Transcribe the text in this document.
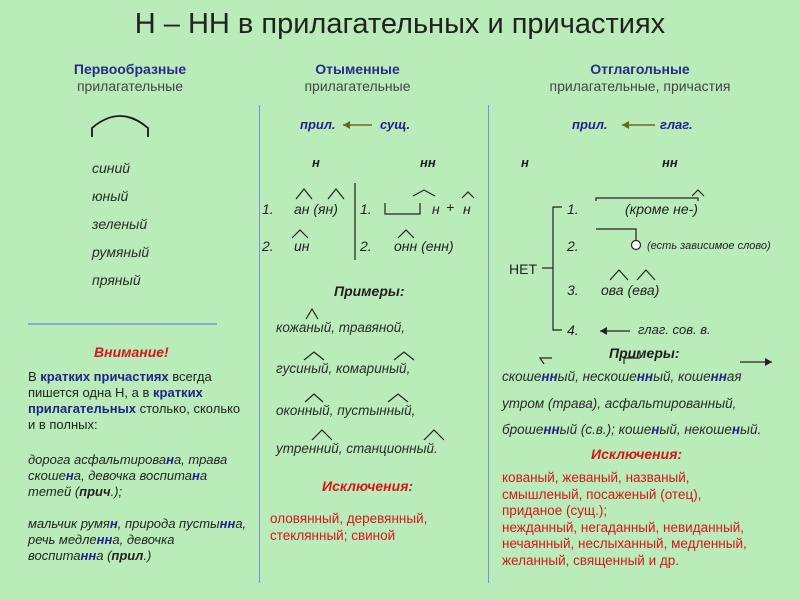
Н – НН в прилагательных и причастиях
Первообразные
прилагательные
Отыменные
прилагательные
Отглагольные
прилагательные, причастия
синий
юный
зеленый
румяный
пряный
Внимание!
В кратких причастиях всегда пишется одна Н, а в кратких прилагательных столько, сколько и в полных:
дорога асфальтирована, трава скошена, девочка воспитана тетей (прич.);
мальчик румян, природа пустынна, речь медленна, девочка воспитанна (прил.)
прил.	сущ.
н	нн
1. ан (ян) 1.	н + н
2. ин	2. онн (енн)
Примеры:
кожаный, травяной,
гусиный, комариный,
оконный, пустынный,
утренний, станционный.
Исключения:
оловянный, деревянный,
стеклянный; свиной
прил.	глаг.
н	нн
НЕТ
1.	(кроме не-)
2.	(есть зависимое слово)
3. ова (ева)
4.	глаг. сов. в.
Примеры:
скошенный, нескошенный, кошенная
утром (трава), асфальтированный,
брошенный (с.в.); кошеный, некошеный.
Исключения:
кованый, жеваный, названый,
смышленый, посаженый (отец),
приданое (сущ.);
нежданный, негаданный, невиданный,
нечаянный, неслыханный, медленный,
желанный, священный и др.
